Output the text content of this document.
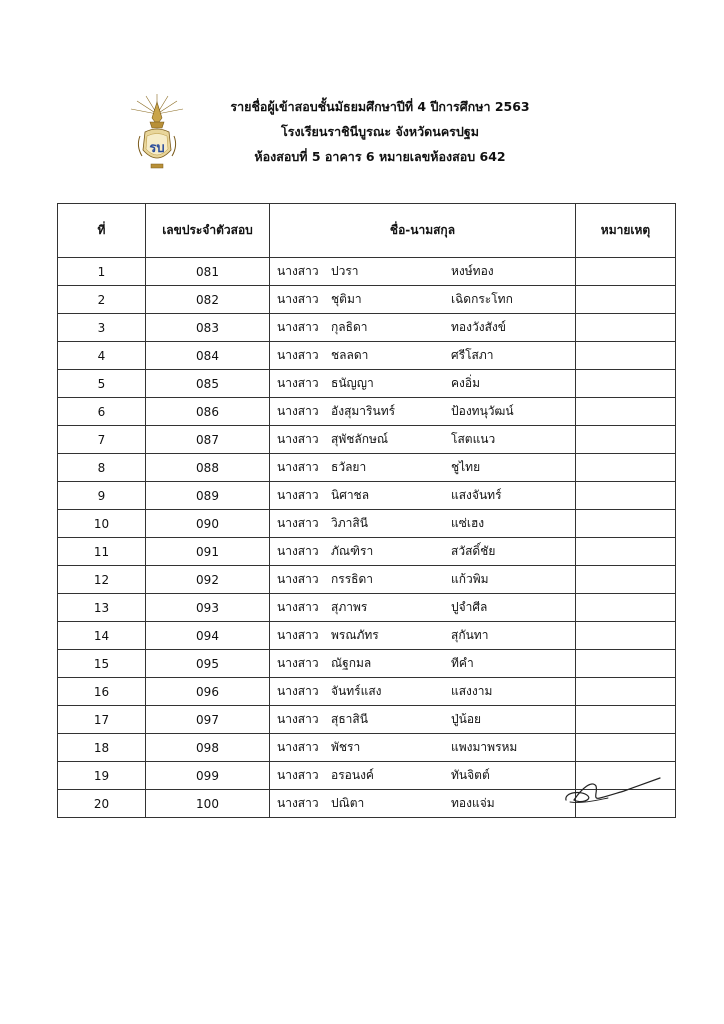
รบ
รายชื่อผู้เข้าสอบชั้นมัธยมศึกษาปีที่ 4 ปีการศึกษา 2563
โรงเรียนราชินีบูรณะ จังหวัดนครปฐม
ห้องสอบที่ 5 อาคาร 6 หมายเลขห้องสอบ 642
ที่	เลขประจำตัวสอบ	ชื่อ-นามสกุล	หมายเหตุ
1	081	นางสาว ปวรา หงษ์ทอง	
2	082	นางสาว ชุติมา เฉิดกระโทก	
3	083	นางสาว กุลธิดา ทองวังสังข์	
4	084	นางสาว ชลลดา ศรีโสภา	
5	085	นางสาว ธนัญญา คงอิ่ม	
6	086	นางสาว อังสุมารินทร์ ป้องทนุวัฒน์	
7	087	นางสาว สุพัชลักษณ์ โสตแนว	
8	088	นางสาว ธวัลยา ชูไทย	
9	089	นางสาว นิศาชล แสงจันทร์	
10	090	นางสาว วิภาสินี แซ่เฮง	
11	091	นางสาว ภัณฑิรา สวัสดิ์ชัย	
12	092	นางสาว กรรธิดา แก้วพิม	
13	093	นางสาว สุภาพร ปูจำศีล	
14	094	นางสาว พรณภัทร สุกันทา	
15	095	นางสาว ณัฐกมล ทีคำ	
16	096	นางสาว จันทร์แสง แสงงาม	
17	097	นางสาว สุธาสินี ปู่น้อย	
18	098	นางสาว พัชรา แพงมาพรหม	
19	099	นางสาว อรอนงค์ ทันจิตต์	
20	100	นางสาว ปณิตา ทองแจ่ม	
